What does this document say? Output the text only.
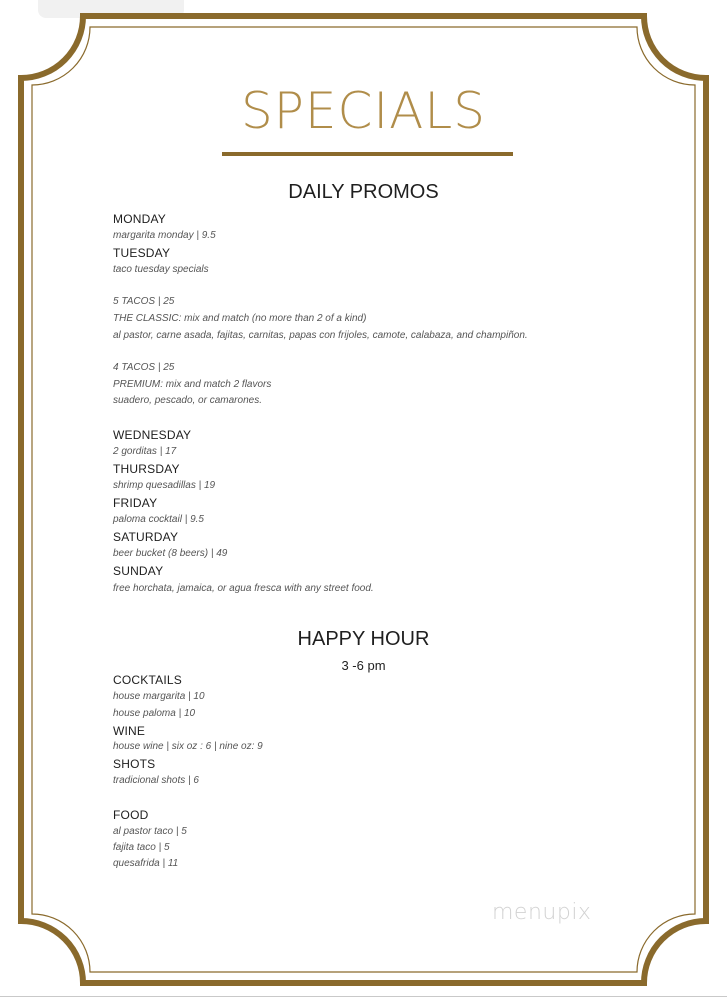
SPECIALS
DAILY PROMOS
MONDAY
margarita monday | 9.5
TUESDAY
taco tuesday specials
5 TACOS | 25
THE CLASSIC: mix and match (no more than 2 of a kind)
al pastor, carne asada, fajitas, carnitas, papas con frijoles, camote, calabaza, and champiñon.
4 TACOS | 25
PREMIUM: mix and match 2 flavors
suadero, pescado, or camarones.
WEDNESDAY
2 gorditas | 17
THURSDAY
shrimp quesadillas | 19
FRIDAY
paloma cocktail | 9.5
SATURDAY
beer bucket (8 beers) | 49
SUNDAY
free horchata, jamaica, or agua fresca with any street food.
HAPPY HOUR
3 -6 pm
COCKTAILS
house margarita | 10
house paloma | 10
WINE
house wine | six oz : 6 | nine oz: 9
SHOTS
tradicional shots | 6
FOOD
al pastor taco | 5
fajita taco | 5
quesafrida | 11
menupix
